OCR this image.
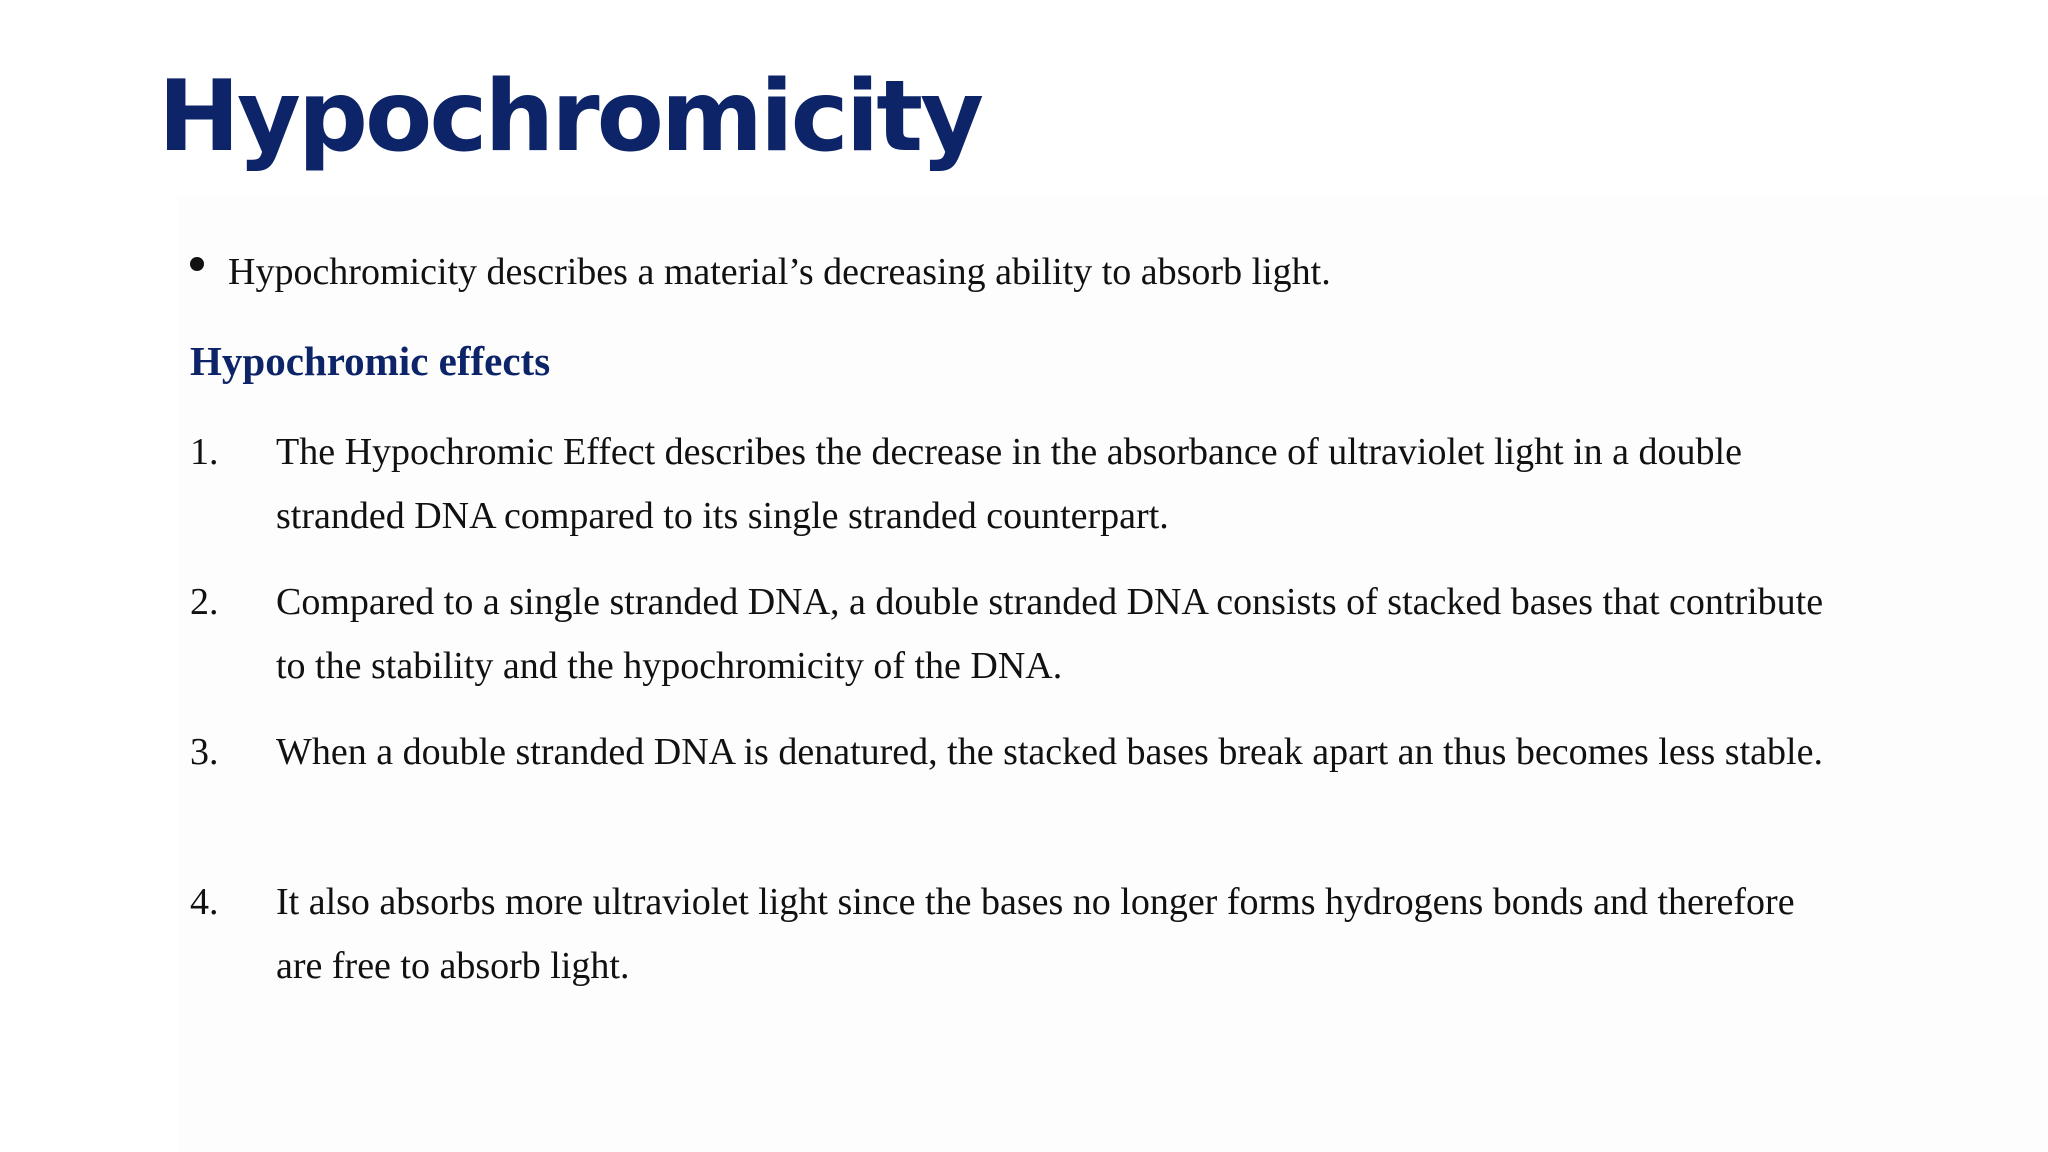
Hypochromicity
Hypochromicity describes a material’s decreasing ability to absorb light.
Hypochromic effects
1. The Hypochromic Effect describes the decrease in the absorbance of ultraviolet light in a double stranded DNA compared to its single stranded counterpart.
2. Compared to a single stranded DNA, a double stranded DNA consists of stacked bases that contribute to the stability and the hypochromicity of the DNA.
3. When a double stranded DNA is denatured, the stacked bases break apart an thus becomes less stable.
4. It also absorbs more ultraviolet light since the bases no longer forms hydrogens bonds and therefore are free to absorb light.
